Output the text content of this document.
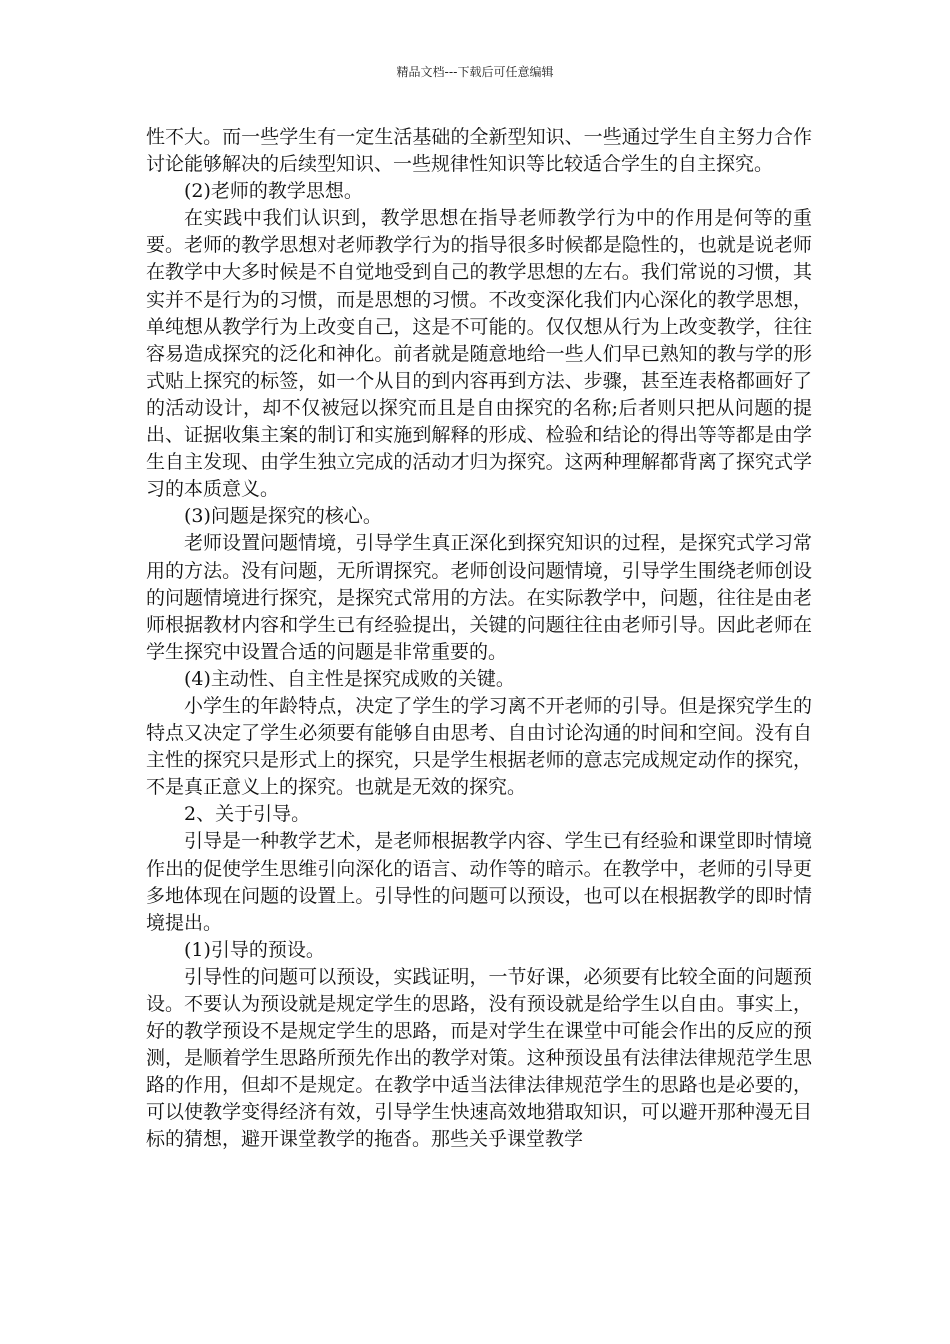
精品文档---下载后可任意编辑

性不大。而一些学生有一定生活基础的全新型知识、一些通过学生自主努力合作讨论能够解决的后续型知识、一些规律性知识等比较适合学生的自主探究。

(2)老师的教学思想。

在实践中我们认识到，教学思想在指导老师教学行为中的作用是何等的重要。老师的教学思想对老师教学行为的指导很多时候都是隐性的，也就是说老师在教学中大多时候是不自觉地受到自己的教学思想的左右。我们常说的习惯，其实并不是行为的习惯，而是思想的习惯。不改变深化我们内心深化的教学思想，单纯想从教学行为上改变自己，这是不可能的。仅仅想从行为上改变教学，往往容易造成探究的泛化和神化。前者就是随意地给一些人们早已熟知的教与学的形式贴上探究的标签，如一个从目的到内容再到方法、步骤，甚至连表格都画好了的活动设计，却不仅被冠以探究而且是自由探究的名称;后者则只把从问题的提出、证据收集主案的制订和实施到解释的形成、检验和结论的得出等等都是由学生自主发现、由学生独立完成的活动才归为探究。这两种理解都背离了探究式学习的本质意义。

(3)问题是探究的核心。

老师设置问题情境，引导学生真正深化到探究知识的过程，是探究式学习常用的方法。没有问题，无所谓探究。老师创设问题情境，引导学生围绕老师创设的问题情境进行探究，是探究式常用的方法。在实际教学中，问题，往往是由老师根据教材内容和学生已有经验提出，关键的问题往往由老师引导。因此老师在学生探究中设置合适的问题是非常重要的。

(4)主动性、自主性是探究成败的关键。

小学生的年龄特点，决定了学生的学习离不开老师的引导。但是探究学生的特点又决定了学生必须要有能够自由思考、自由讨论沟通的时间和空间。没有自主性的探究只是形式上的探究，只是学生根据老师的意志完成规定动作的探究，不是真正意义上的探究。也就是无效的探究。

2、关于引导。

引导是一种教学艺术，是老师根据教学内容、学生已有经验和课堂即时情境作出的促使学生思维引向深化的语言、动作等的暗示。在教学中，老师的引导更多地体现在问题的设置上。引导性的问题可以预设，也可以在根据教学的即时情境提出。

(1)引导的预设。

引导性的问题可以预设，实践证明，一节好课，必须要有比较全面的问题预设。不要认为预设就是规定学生的思路，没有预设就是给学生以自由。事实上，好的教学预设不是规定学生的思路，而是对学生在课堂中可能会作出的反应的预测，是顺着学生思路所预先作出的教学对策。这种预设虽有法律法律规范学生思路的作用，但却不是规定。在教学中适当法律法律规范学生的思路也是必要的，可以使教学变得经济有效，引导学生快速高效地猎取知识，可以避开那种漫无目标的猜想，避开课堂教学的拖沓。那些关乎课堂教学
